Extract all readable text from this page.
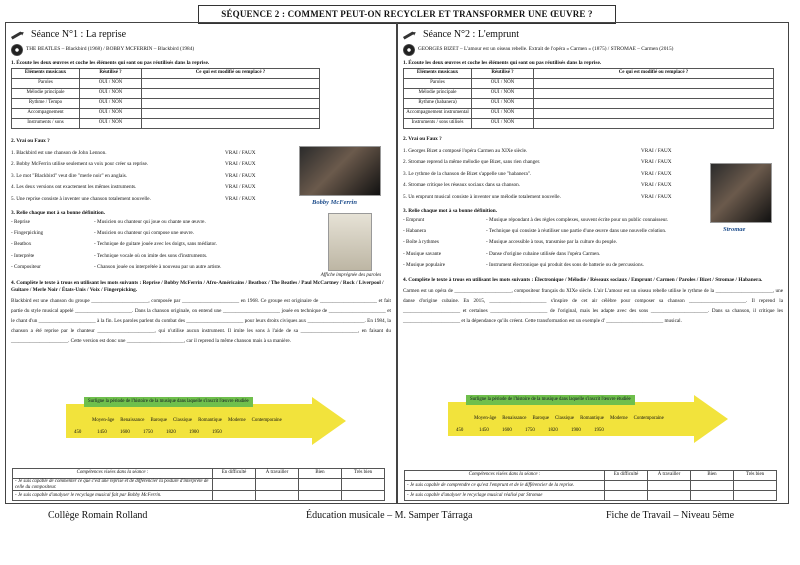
SÉQUENCE 2 : COMMENT PEUT-ON RECYCLER ET TRANSFORMER UNE ŒUVRE ?
Séance N°1 : La reprise
THE BEATLES – Blackbird (1968) / BOBBY MCFERRIN – Blackbird (1984)
1. Écoute les deux œuvres et coche les éléments qui sont ou pas réutilisés dans la reprise.
Éléments musicaux	Réutilisé ?	Ce qui est modifié ou remplacé ?
Paroles	OUI / NON	
Mélodie principale	OUI / NON	
Rythme / Tempo	OUI / NON	
Accompagnement	OUI / NON	
Instruments / sons	OUI / NON	
2. Vrai ou Faux ?
1. Blackbird est une chanson de John Lennon.	VRAI / FAUX
2. Bobby McFerrin utilise seulement sa voix pour créer sa reprise.	VRAI / FAUX
3. Le mot "Blackbird" veut dire "merle noir" en anglais.	VRAI / FAUX
4. Les deux versions ont exactement les mêmes instruments.	VRAI / FAUX
5. Une reprise consiste à inventer une chanson totalement nouvelle.	VRAI / FAUX
Bobby McFerrin
3. Relie chaque mot à sa bonne définition.
- Reprise	- Musicien ou chanteur qui joue ou chante une œuvre.
- Fingerpicking	- Musicien ou chanteur qui compose une œuvre.
- Beatbox	- Technique de guitare jouée avec les doigts, sans médiator.
- Interprète	- Technique vocale où on imite des sons d'instruments.
- Compositeur	- Chanson jouée ou interprétée à nouveau par un autre artiste.
Affiche imprégnée des paroles
4. Complète le texte à trous en utilisant les mots suivants : Reprise / Bobby McFerrin / Afro-Américains / Beatbox / The Beatles / Paul McCartney / Rock / Liverpool / Guitare / Merle Noir / États-Unis / Voix / Fingerpicking.
Blackbird est une chanson du groupe ______________________, composée par ______________________ en 1968. Ce groupe est originaire de ______________________ et fait partie du style musical appelé ______________________. Dans la chanson originale, on entend une ______________________ jouée en technique de ______________________ et le chant d'un ______________________ à la fin. Les paroles parlent du combat des ______________________ pour leurs droits civiques aux ______________________. En 1984, la chanson a été reprise par le chanteur ______________________, qui n'utilise aucun instrument. Il imite les sons à l'aide de sa ______________________, en faisant du ______________________. Cette version est donc une ______________________, car il reprend la même chanson mais à sa manière.
Surligne la période de l'histoire de la musique dans laquelle s'inscrit l'œuvre étudiée
Moyen-âge Renaissance Baroque Classique Romantique Moderne Contemporaine
450	1450	1600	1750	1820	1900	1950
Compétences visées dans la séance :	En difficulté	À travailler	Bien	Très bien
- Je suis capable de commenter ce que c'est une reprise et de différencier la posture d'interprète de celle du compositeur.				
- Je suis capable d'analyser le recyclage musical fait par Bobby McFerrin.				
Séance N°2 : L'emprunt
GEORGES BIZET – L'amour est un oiseau rebelle. Extrait de l'opéra « Carmen » (1875) / STROMAE – Carmen (2015)
1. Écoute les deux œuvres et coche les éléments qui sont ou pas réutilisés dans la reprise.
Éléments musicaux	Réutilisé ?	Ce qui est modifié ou remplacé ?
Paroles	OUI / NON	
Mélodie principale	OUI / NON	
Rythme (habanera)	OUI / NON	
Accompagnement instrumental	OUI / NON	
Instruments / sons utilisés	OUI / NON	
2. Vrai ou Faux ?
1. Georges Bizet a composé l'opéra Carmen au XIXe siècle.	VRAI / FAUX
2. Stromae reprend la même mélodie que Bizet, sans rien changer.	VRAI / FAUX
3. Le rythme de la chanson de Bizet s'appelle une "habanera".	VRAI / FAUX
4. Stromae critique les réseaux sociaux dans sa chanson.	VRAI / FAUX
5. Un emprunt musical consiste à inventer une mélodie totalement nouvelle.	VRAI / FAUX
Stromae
3. Relie chaque mot à sa bonne définition.
- Emprunt	- Musique répondant à des règles complexes, souvent écrite pour un public connaisseur.
- Habanera	- Technique qui consiste à réutiliser une partie d'une œuvre dans une nouvelle création.
- Boîte à rythmes	- Musique accessible à tous, transmise par la culture du peuple.
- Musique savante	- Danse d'origine cubaine utilisée dans l'opéra Carmen.
- Musique populaire	- Instrument électronique qui produit des sons de batterie ou de percussions.
4. Complète le texte à trous en utilisant les mots suivants : Électronique / Mélodie / Réseaux sociaux / Emprunt / Carmen / Paroles / Bizet / Stromae / Habanera.
Carmen est un opéra de ______________________, compositeur français du XIXe siècle. L'air L'amour est un oiseau rebelle utilise le rythme de la ______________________, une danse d'origine cubaine. En 2015, ______________________ s'inspire de cet air célèbre pour composer sa chanson ______________________. Il reprend la ______________________ et certaines ______________________ de l'original, mais les adapte avec des sons ______________________. Dans sa chanson, il critique les ______________________ et la dépendance qu'ils créent. Cette transformation est un exemple d' ______________________ musical.
Surligne la période de l'histoire de la musique dans laquelle s'inscrit l'œuvre étudiée
Moyen-âge Renaissance Baroque Classique Romantique Moderne Contemporaine
450	1450	1600	1750	1820	1900	1950
Compétences visées dans la séance :	En difficulté	À travailler	Bien	Très bien
- Je suis capable de comprendre ce qu'est l'emprunt et de le différencier de la reprise.				
- Je suis capable d'analyser le recyclage musical réalisé par Stromae				
Collège Romain Rolland	Éducation musicale – M. Samper Tárraga	Fiche de Travail – Niveau 5ème
